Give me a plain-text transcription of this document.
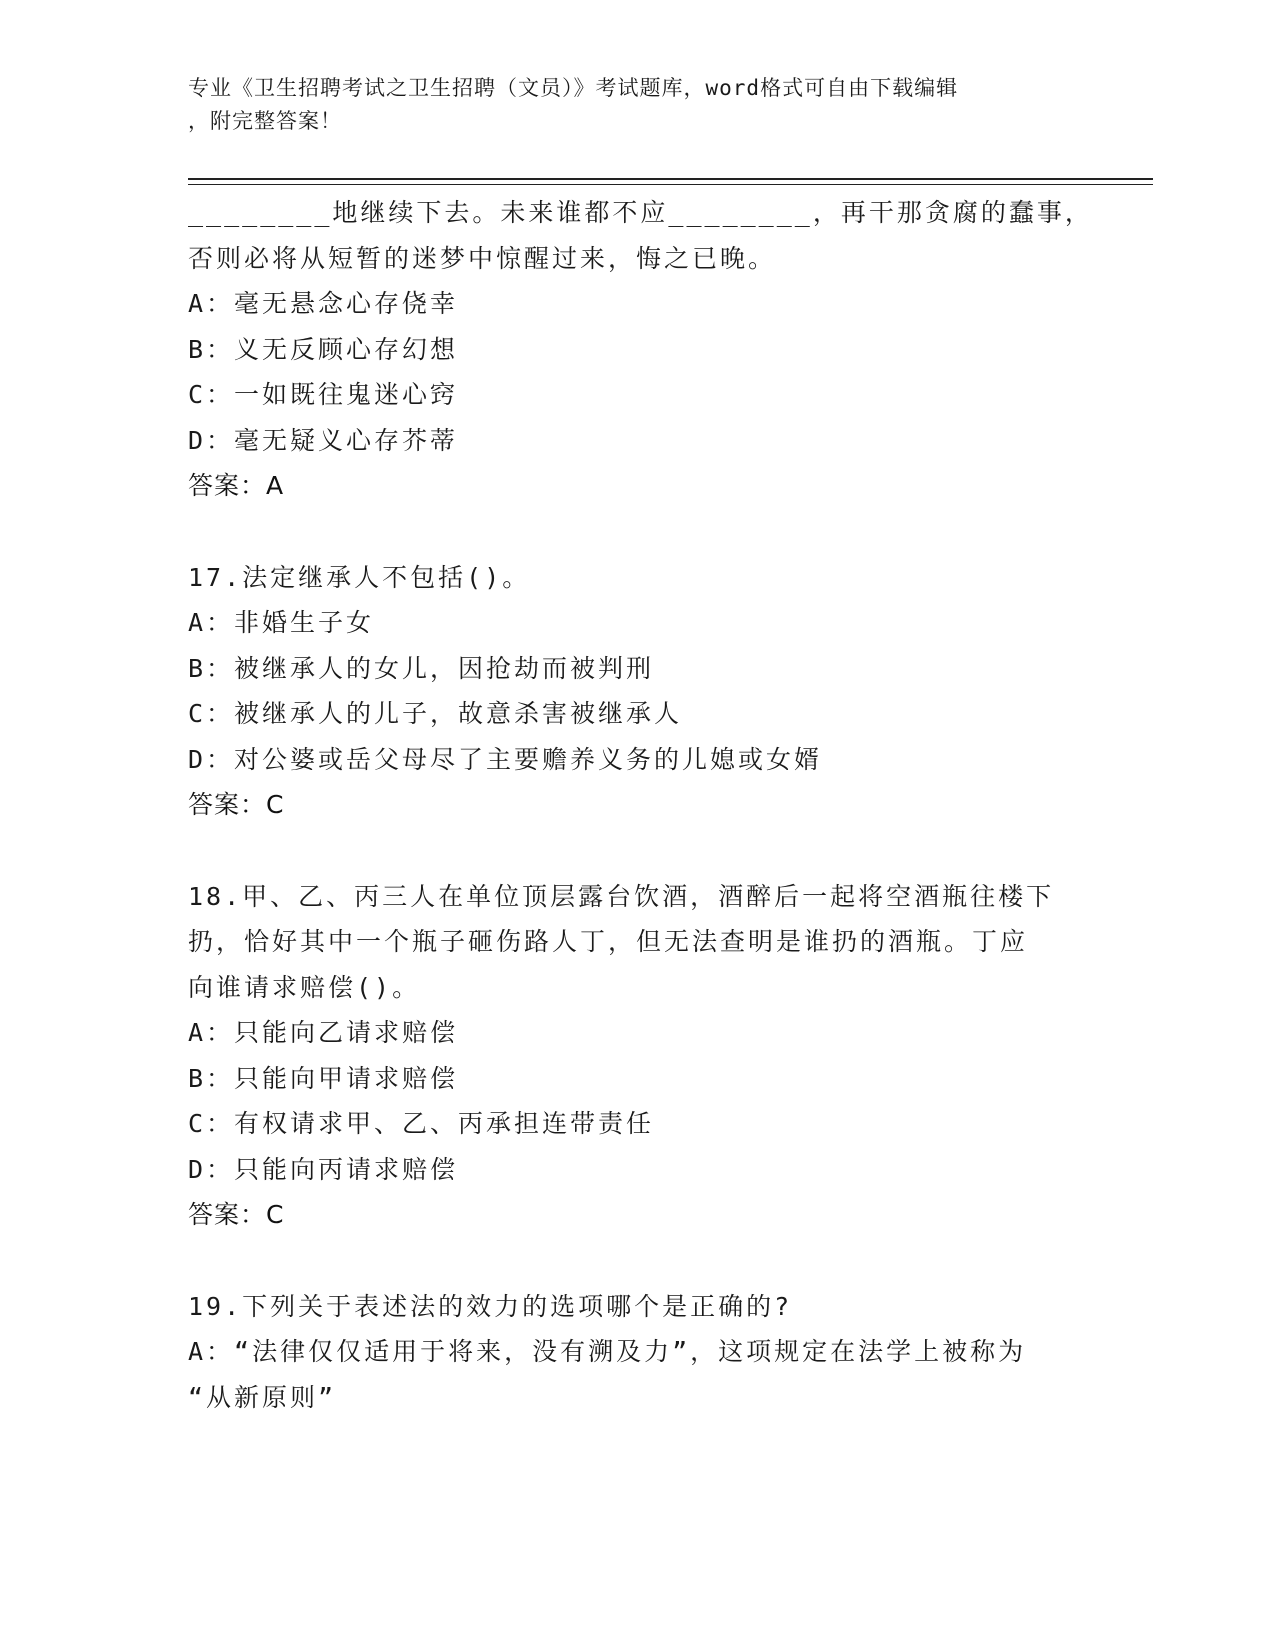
专业《卫生招聘考试之卫生招聘（文员）》考试题库，word格式可自由下载编辑
，附完整答案！
________地继续下去。未来谁都不应________，再干那贪腐的蠢事，
否则必将从短暂的迷梦中惊醒过来，悔之已晚。
A：毫无悬念心存侥幸
B：义无反顾心存幻想
C：一如既往鬼迷心窍
D：毫无疑义心存芥蒂
答案：A
17.法定继承人不包括()。
A：非婚生子女
B：被继承人的女儿，因抢劫而被判刑
C：被继承人的儿子，故意杀害被继承人
D：对公婆或岳父母尽了主要赡养义务的儿媳或女婿
答案：C
18.甲、乙、丙三人在单位顶层露台饮酒，酒醉后一起将空酒瓶往楼下
扔，恰好其中一个瓶子砸伤路人丁，但无法查明是谁扔的酒瓶。丁应
向谁请求赔偿()。
A：只能向乙请求赔偿
B：只能向甲请求赔偿
C：有权请求甲、乙、丙承担连带责任
D：只能向丙请求赔偿
答案：C
19.下列关于表述法的效力的选项哪个是正确的?
A：“法律仅仅适用于将来，没有溯及力”，这项规定在法学上被称为
“从新原则”
